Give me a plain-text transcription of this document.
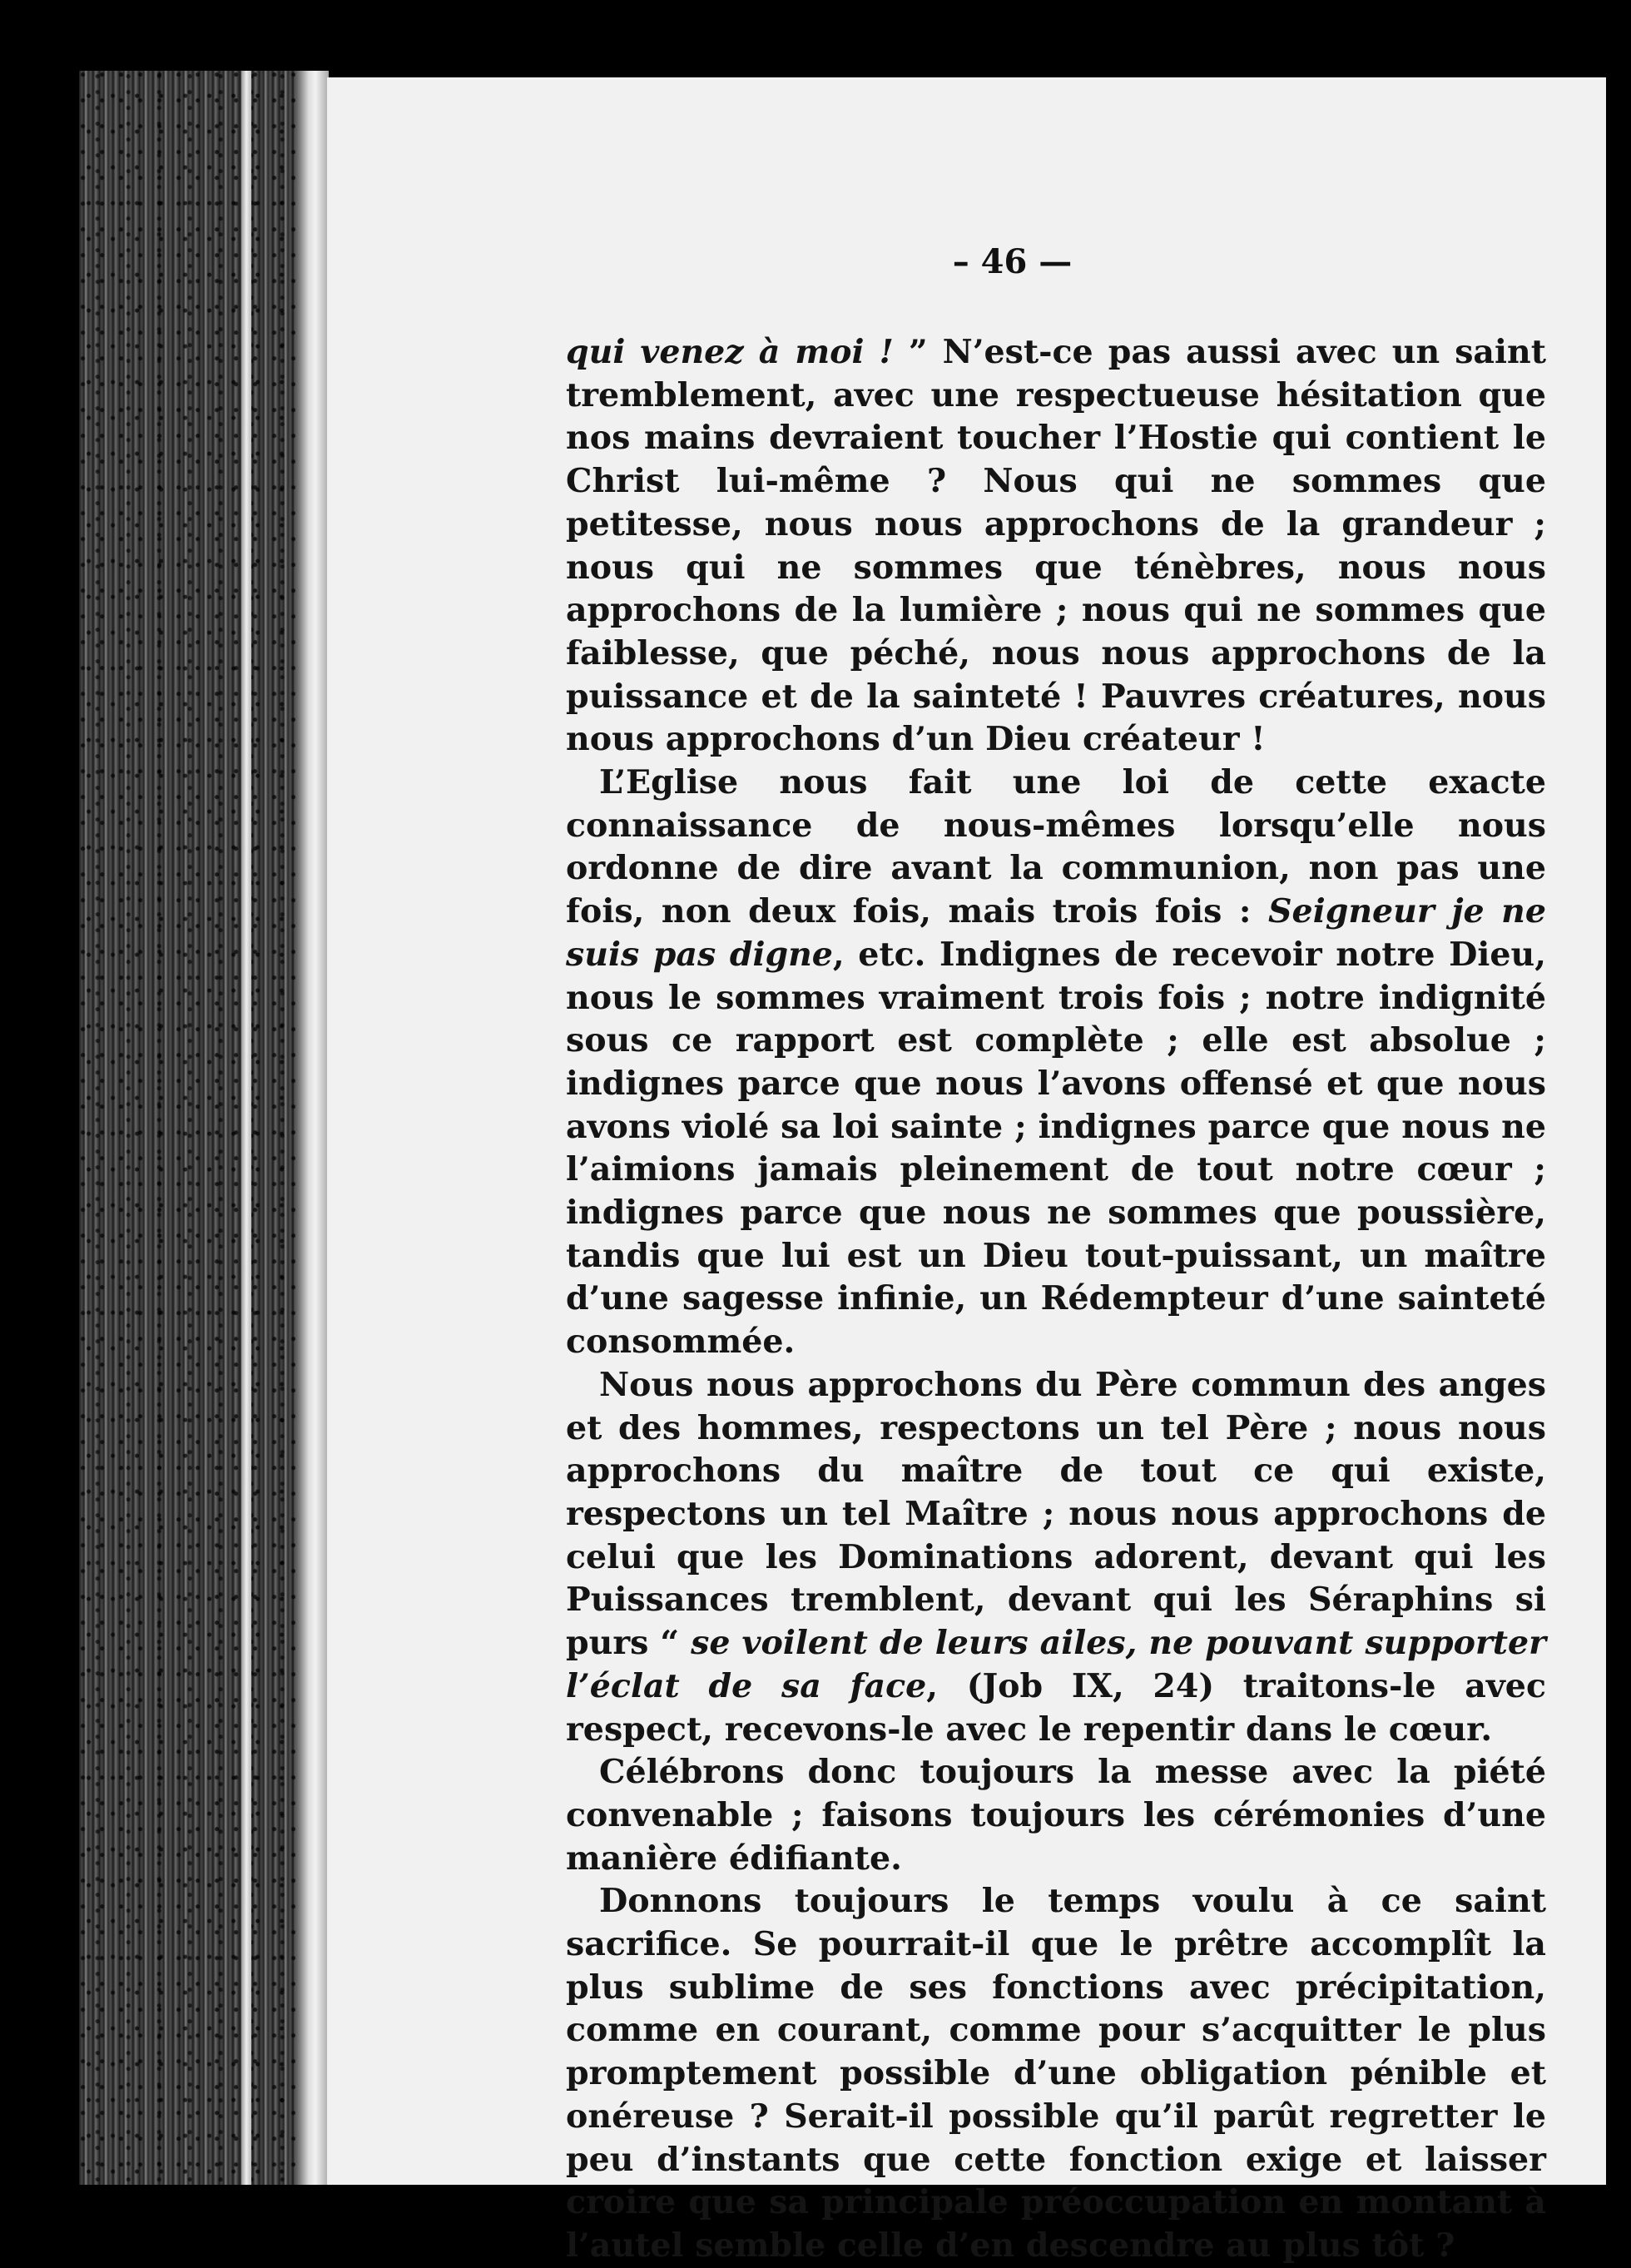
– 46 —

qui venez à moi ! ” N’est-ce pas aussi avec un saint tremblement, avec une respectueuse hésitation que nos mains devraient toucher l’Hostie qui contient le Christ lui-même ? Nous qui ne sommes que petitesse, nous nous approchons de la grandeur ; nous qui ne sommes que ténèbres, nous nous approchons de la lumière ; nous qui ne sommes que faiblesse, que péché, nous nous approchons de la puissance et de la sainteté ! Pauvres créatures, nous nous approchons d’un Dieu créateur !

L’Eglise nous fait une loi de cette exacte connaissance de nous-mêmes lorsqu’elle nous ordonne de dire avant la communion, non pas une fois, non deux fois, mais trois fois : Seigneur je ne suis pas digne, etc. Indignes de recevoir notre Dieu, nous le sommes vraiment trois fois ; notre indignité sous ce rapport est complète ; elle est absolue ; indignes parce que nous l’avons offensé et que nous avons violé sa loi sainte ; indignes parce que nous ne l’aimions jamais pleinement de tout notre cœur ; indignes parce que nous ne sommes que poussière, tandis que lui est un Dieu tout-puissant, un maître d’une sagesse infinie, un Rédempteur d’une sainteté consommée.

Nous nous approchons du Père commun des anges et des hommes, respectons un tel Père ; nous nous approchons du maître de tout ce qui existe, respectons un tel Maître ; nous nous approchons de celui que les Dominations adorent, devant qui les Puissances tremblent, devant qui les Séraphins si purs “ se voilent de leurs ailes, ne pouvant supporter l’éclat de sa face, (Job IX, 24) traitons-le avec respect, recevons-le avec le repentir dans le cœur.

Célébrons donc toujours la messe avec la piété convenable ; faisons toujours les cérémonies d’une manière édifiante.

Donnons toujours le temps voulu à ce saint sacrifice. Se pourrait-il que le prêtre accomplît la plus sublime de ses fonctions avec précipitation, comme en courant, comme pour s’acquitter le plus promptement possible d’une obligation pénible et onéreuse ? Serait-il possible qu’il parût regretter le peu d’instants que cette fonction exige et laisser croire que sa principale préoccupation en montant à l’autel semble celle d’en descendre au plus tôt ?
